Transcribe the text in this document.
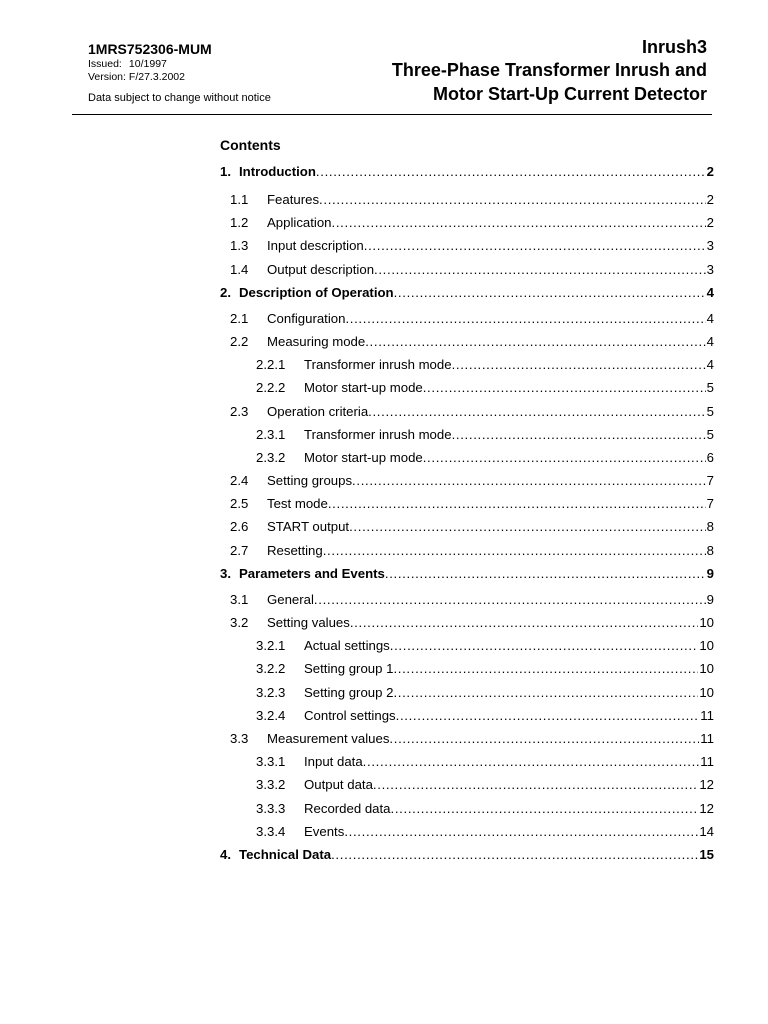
1MRS752306-MUM
Issued: 10/1997
Version: F/27.3.2002
Data subject to change without notice
Inrush3
Three-Phase Transformer Inrush and
Motor Start-Up Current Detector
Contents
1. Introduction . . .	2
1.1	Features . . .	2
1.2	Application . . .	2
1.3	Input description . . .	3
1.4	Output description . . .	3
2. Description of Operation . . .	4
2.1	Configuration . . .	4
2.2	Measuring mode . . .	4
2.2.1	Transformer inrush mode . . .	4
2.2.2	Motor start-up mode . . .	5
2.3	Operation criteria . . .	5
2.3.1	Transformer inrush mode . . .	5
2.3.2	Motor start-up mode . . .	6
2.4	Setting groups . . .	7
2.5	Test mode . . .	7
2.6	START output . . .	8
2.7	Resetting . . .	8
3. Parameters and Events . . .	9
3.1	General . . .	9
3.2	Setting values . . .	10
3.2.1	Actual settings . . .	10
3.2.2	Setting group 1 . . .	10
3.2.3	Setting group 2 . . .	10
3.2.4	Control settings . . .	11
3.3	Measurement values . . .	11
3.3.1	Input data . . .	11
3.3.2	Output data . . .	12
3.3.3	Recorded data . . .	12
3.3.4	Events . . .	14
4. Technical Data . . .	15
